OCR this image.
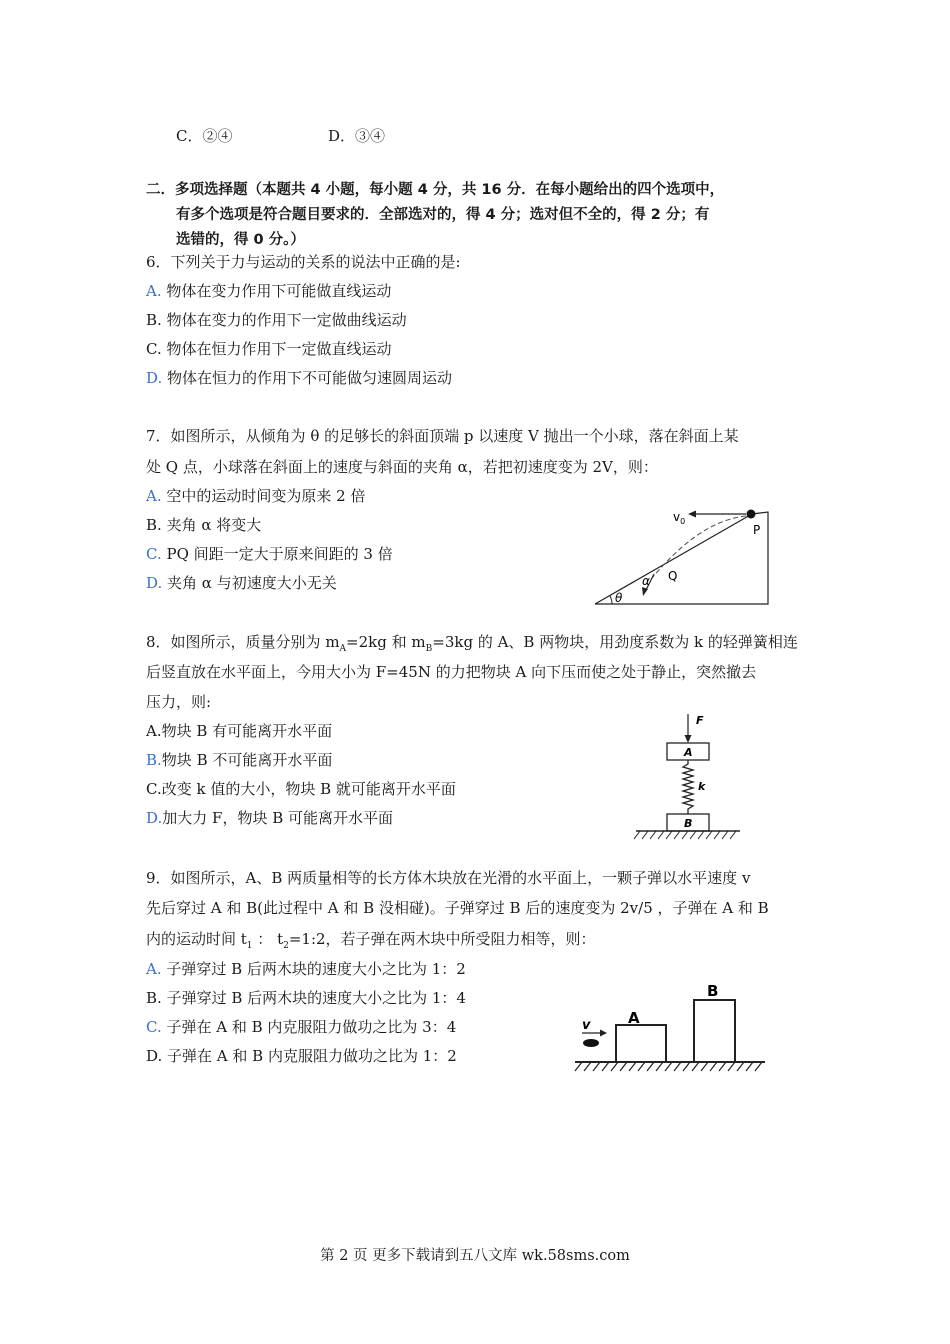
C．②④	D．③④
二．多项选择题（本题共 4 小题，每小题 4 分，共 16 分．在每小题给出的四个选项中，
有多个选项是符合题目要求的．全部选对的，得 4 分；选对但不全的，得 2 分；有
选错的，得 0 分。）
6．下列关于力与运动的关系的说法中正确的是:
A. 物体在变力作用下可能做直线运动
B. 物体在变力的作用下一定做曲线运动
C. 物体在恒力作用下一定做直线运动
D. 物体在恒力的作用下不可能做匀速圆周运动
7．如图所示，从倾角为 θ 的足够长的斜面顶端 p 以速度 V 抛出一个小球，落在斜面上某
处 Q 点，小球落在斜面上的速度与斜面的夹角 α，若把初速度变为 2V，则：
A. 空中的运动时间变为原来 2 倍
B. 夹角 α 将变大
C. PQ 间距一定大于原来间距的 3 倍
D. 夹角 α 与初速度大小无关
$v_0$
P
Q
α
θ
8．如图所示，质量分别为 $m_A=2kg$ 和 $m_B=3kg$ 的 A、B 两物块，用劲度系数为 k 的轻弹簧相连
后竖直放在水平面上，今用大小为 F=45N 的力把物块 A 向下压而使之处于静止，突然撤去
压力，则:
A.物块 B 有可能离开水平面
B.物块 B 不可能离开水平面
C.改变 k 值的大小，物块 B 就可能离开水平面
D.加大力 F，物块 B 可能离开水平面
F
A
k
B
9．如图所示，A、B 两质量相等的长方体木块放在光滑的水平面上，一颗子弹以水平速度 v
先后穿过 A 和 B(此过程中 A 和 B 没相碰)。子弹穿过 B 后的速度变为 2v/5 ，子弹在 A 和 B
内的运动时间 $t_1$ ： $t_2=1:2$，若子弹在两木块中所受阻力相等，则：
A. 子弹穿过 B 后两木块的速度大小之比为 1：2
B. 子弹穿过 B 后两木块的速度大小之比为 1：4
C. 子弹在 A 和 B 内克服阻力做功之比为 3：4
D. 子弹在 A 和 B 内克服阻力做功之比为 1：2
v	A
B
第 2 页 更多下载请到五八文库 wk.58sms.com
